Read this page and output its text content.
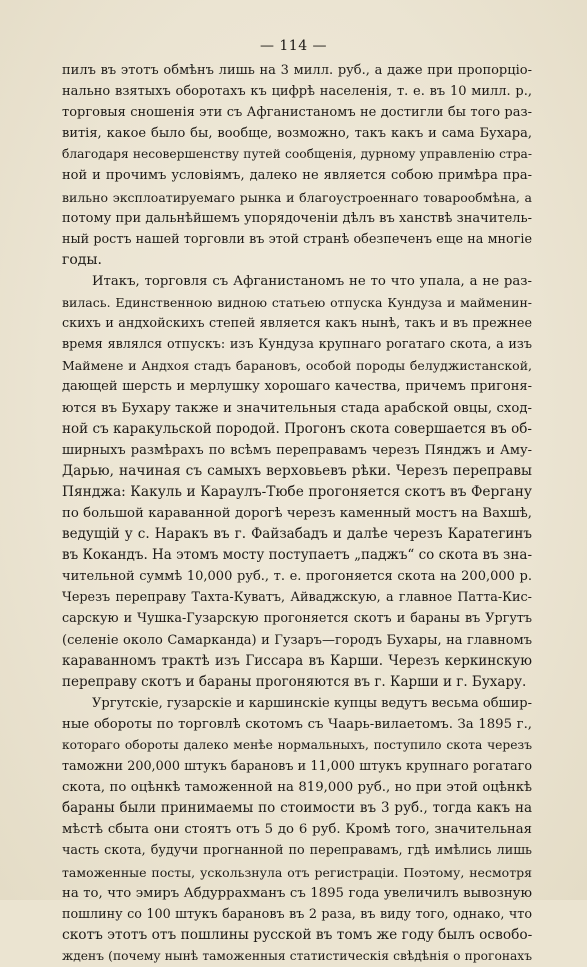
— 114 —
пилъ въ этотъ обмѣнъ лишь на 3 милл. руб., а даже при пропорціо-
нально взятыхъ оборотахъ къ цифрѣ населенія, т. е. въ 10 милл. р.,
торговыя сношенія эти съ Афганистаномъ не достигли бы того раз-
витія, какое было бы, вообще, возможно, такъ какъ и сама Бухара,
благодаря несовершенству путей сообщенія, дурному управленію стра-
ной и прочимъ условіямъ, далеко не является собою примѣра пра-
вильно эксплоатируемаго рынка и благоустроеннаго товарообмѣна, а
потому при дальнѣйшемъ упорядоченіи дѣлъ въ ханствѣ значитель-
ный ростъ нашей торговли въ этой странѣ обезпеченъ еще на многіе
годы.
Итакъ, торговля съ Афганистаномъ не то что упала, а не раз-
вилась. Единственною видною статьею отпуска Кундуза и майменин-
скихъ и андхойскихъ степей является какъ нынѣ, такъ и въ прежнее
время являлся отпускъ: изъ Кундуза крупнаго рогатаго скота, а изъ
Маймене и Андхоя стадъ барановъ, особой породы белуджистанской,
дающей шерсть и мерлушку хорошаго качества, причемъ пригоня-
ются въ Бухару также и значительныя стада арабской овцы, сход-
ной съ каракульской породой. Прогонъ скота совершается въ об-
ширныхъ размѣрахъ по всѣмъ переправамъ черезъ Пянджъ и Аму-
Дарью, начиная съ самыхъ верховьевъ рѣки. Черезъ переправы
Пянджа: Какуль и Караулъ-Тюбе прогоняется скотъ въ Фергану
по большой караванной дорогѣ черезъ каменный мостъ на Вахшѣ,
ведущій у с. Наракъ въ г. Файзабадъ и далѣе черезъ Каратегинъ
въ Кокандъ. На этомъ мосту поступаетъ „паджъ“ со скота въ зна-
чительной суммѣ 10,000 руб., т. е. прогоняется скота на 200,000 р.
Черезъ переправу Тахта-Куватъ, Айваджскую, а главное Патта-Кис-
сарскую и Чушка-Гузарскую прогоняется скотъ и бараны въ Ургутъ
(селеніе около Самарканда) и Гузаръ—городъ Бухары, на главномъ
караванномъ трактѣ изъ Гиссара въ Карши. Черезъ керкинскую
переправу скотъ и бараны прогоняются въ г. Карши и г. Бухару.
Ургутскіе, гузарскіе и каршинскіе купцы ведутъ весьма обшир-
ные обороты по торговлѣ скотомъ съ Чаарь-вилаетомъ. За 1895 г.,
котораго обороты далеко менѣе нормальныхъ, поступило скота черезъ
таможни 200,000 штукъ барановъ и 11,000 штукъ крупнаго рогатаго
скота, по оцѣнкѣ таможенной на 819,000 руб., но при этой оцѣнкѣ
бараны были принимаемы по стоимости въ 3 руб., тогда какъ на
мѣстѣ сбыта они стоятъ отъ 5 до 6 руб. Кромѣ того, значительная
часть скота, будучи прогнанной по переправамъ, гдѣ имѣлись лишь
таможенные посты, ускользнула отъ регистраціи. Поэтому, несмотря
на то, что эмиръ Абдуррахманъ съ 1895 года увеличилъ вывозную
пошлину со 100 штукъ барановъ въ 2 раза, въ виду того, однако, что
скотъ этотъ отъ пошлины русской въ томъ же году былъ освобо-
жденъ (почему нынѣ таможенныя статистическія свѣдѣнія о прогонахъ
